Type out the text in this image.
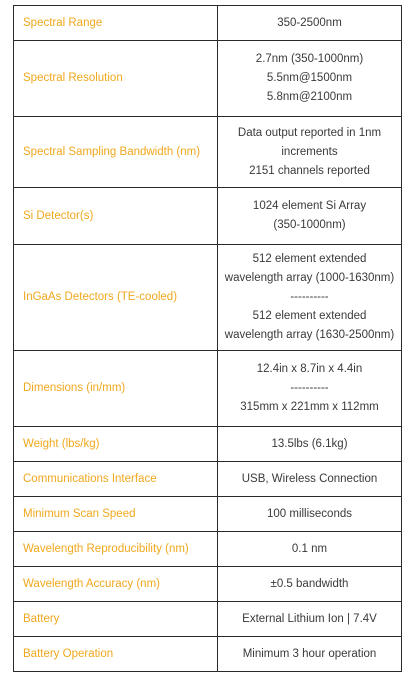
Spectral Range	350-2500nm

Spectral Resolution	2.7nm (350-1000nm)
5.5nm@1500nm
5.8nm@2100nm

Spectral Sampling Bandwidth (nm)	Data output reported in 1nm increments
2151 channels reported

Si Detector(s)	1024 element Si Array
(350-1000nm)

InGaAs Detectors (TE-cooled)	512 element extended wavelength array (1000-1630nm)
----------
512 element extended wavelength array (1630-2500nm)

Dimensions (in/mm)	12.4in x 8.7in x 4.4in
----------
315mm x 221mm x 112mm

Weight (lbs/kg)	13.5lbs (6.1kg)

Communications Interface	USB, Wireless Connection

Minimum Scan Speed	100 milliseconds

Wavelength Reproducibility (nm)	0.1 nm

Wavelength Accuracy (nm)	±0.5 bandwidth

Battery	External Lithium Ion | 7.4V

Battery Operation	Minimum 3 hour operation
